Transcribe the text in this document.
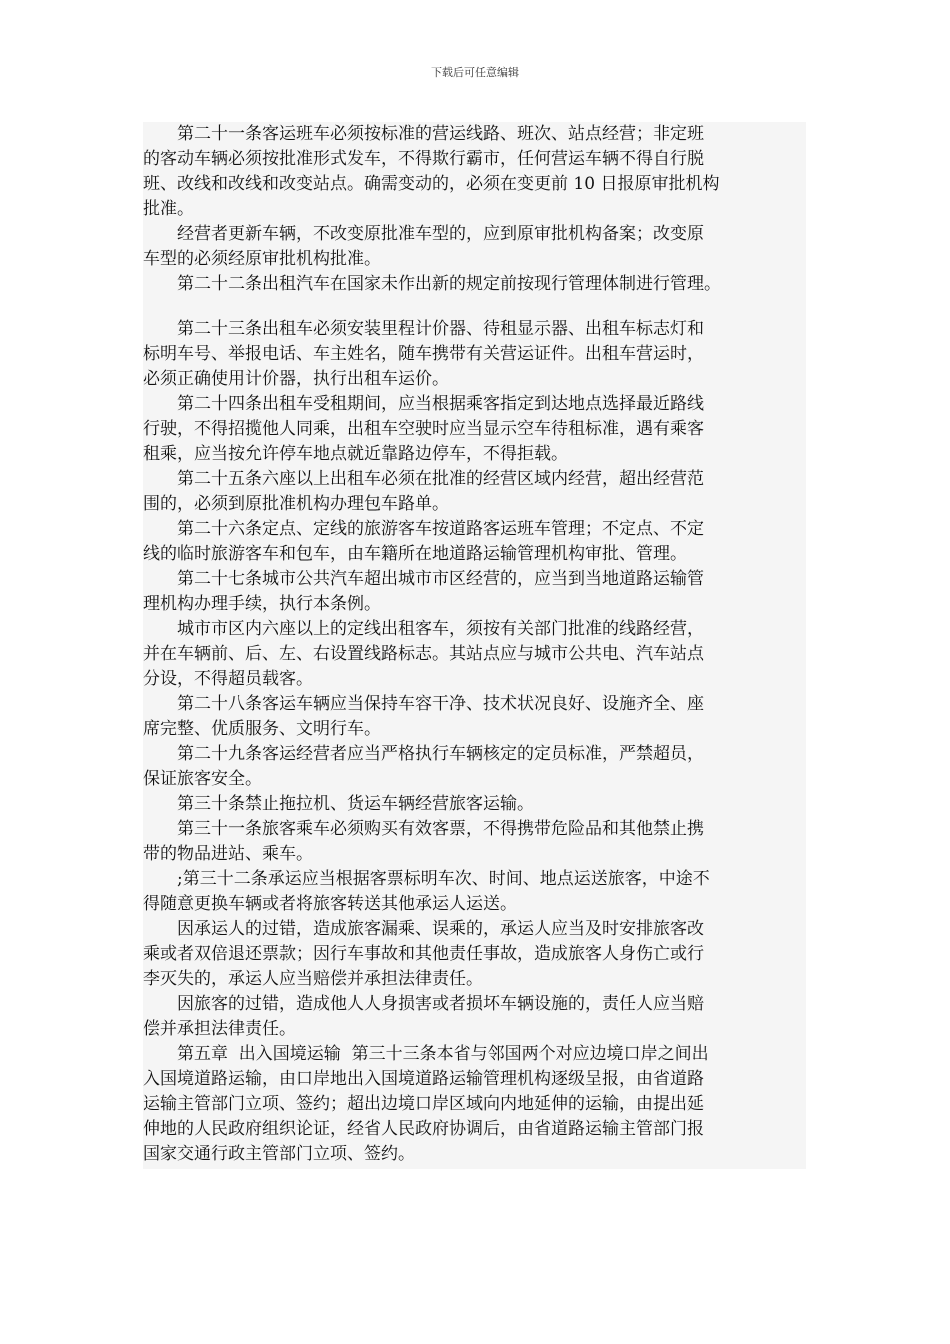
下载后可任意编辑

第二十一条客运班车必须按标准的营运线路、班次、站点经营；非定班
的客动车辆必须按批准形式发车，不得欺行霸市，任何营运车辆不得自行脱
班、改线和改线和改变站点。确需变动的，必须在变更前 10 日报原审批机构
批准。

经营者更新车辆，不改变原批准车型的，应到原审批机构备案；改变原
车型的必须经原审批机构批准。

第二十二条出租汽车在国家未作出新的规定前按现行管理体制进行管理。

第二十三条出租车必须安装里程计价器、待租显示器、出租车标志灯和
标明车号、举报电话、车主姓名，随车携带有关营运证件。出租车营运时，
必须正确使用计价器，执行出租车运价。

第二十四条出租车受租期间，应当根据乘客指定到达地点选择最近路线
行驶，不得招揽他人同乘，出租车空驶时应当显示空车待租标准，遇有乘客
租乘，应当按允许停车地点就近靠路边停车，不得拒载。

第二十五条六座以上出租车必须在批准的经营区域内经营，超出经营范
围的，必须到原批准机构办理包车路单。

第二十六条定点、定线的旅游客车按道路客运班车管理；不定点、不定
线的临时旅游客车和包车，由车籍所在地道路运输管理机构审批、管理。

第二十七条城市公共汽车超出城市市区经营的，应当到当地道路运输管
理机构办理手续，执行本条例。

城市市区内六座以上的定线出租客车，须按有关部门批准的线路经营，
并在车辆前、后、左、右设置线路标志。其站点应与城市公共电、汽车站点
分设，不得超员载客。

第二十八条客运车辆应当保持车容干净、技术状况良好、设施齐全、座
席完整、优质服务、文明行车。

第二十九条客运经营者应当严格执行车辆核定的定员标准，严禁超员，
保证旅客安全。

第三十条禁止拖拉机、货运车辆经营旅客运输。

第三十一条旅客乘车必须购买有效客票，不得携带危险品和其他禁止携
带的物品进站、乘车。

;第三十二条承运应当根据客票标明车次、时间、地点运送旅客，中途不
得随意更换车辆或者将旅客转送其他承运人运送。

因承运人的过错，造成旅客漏乘、误乘的，承运人应当及时安排旅客改
乘或者双倍退还票款；因行车事故和其他责任事故，造成旅客人身伤亡或行
李灭失的，承运人应当赔偿并承担法律责任。

因旅客的过错，造成他人人身损害或者损坏车辆设施的，责任人应当赔
偿并承担法律责任。

第五章  出入国境运输  第三十三条本省与邻国两个对应边境口岸之间出
入国境道路运输，由口岸地出入国境道路运输管理机构逐级呈报，由省道路
运输主管部门立项、签约；超出边境口岸区域向内地延伸的运输，由提出延
伸地的人民政府组织论证，经省人民政府协调后，由省道路运输主管部门报
国家交通行政主管部门立项、签约。
